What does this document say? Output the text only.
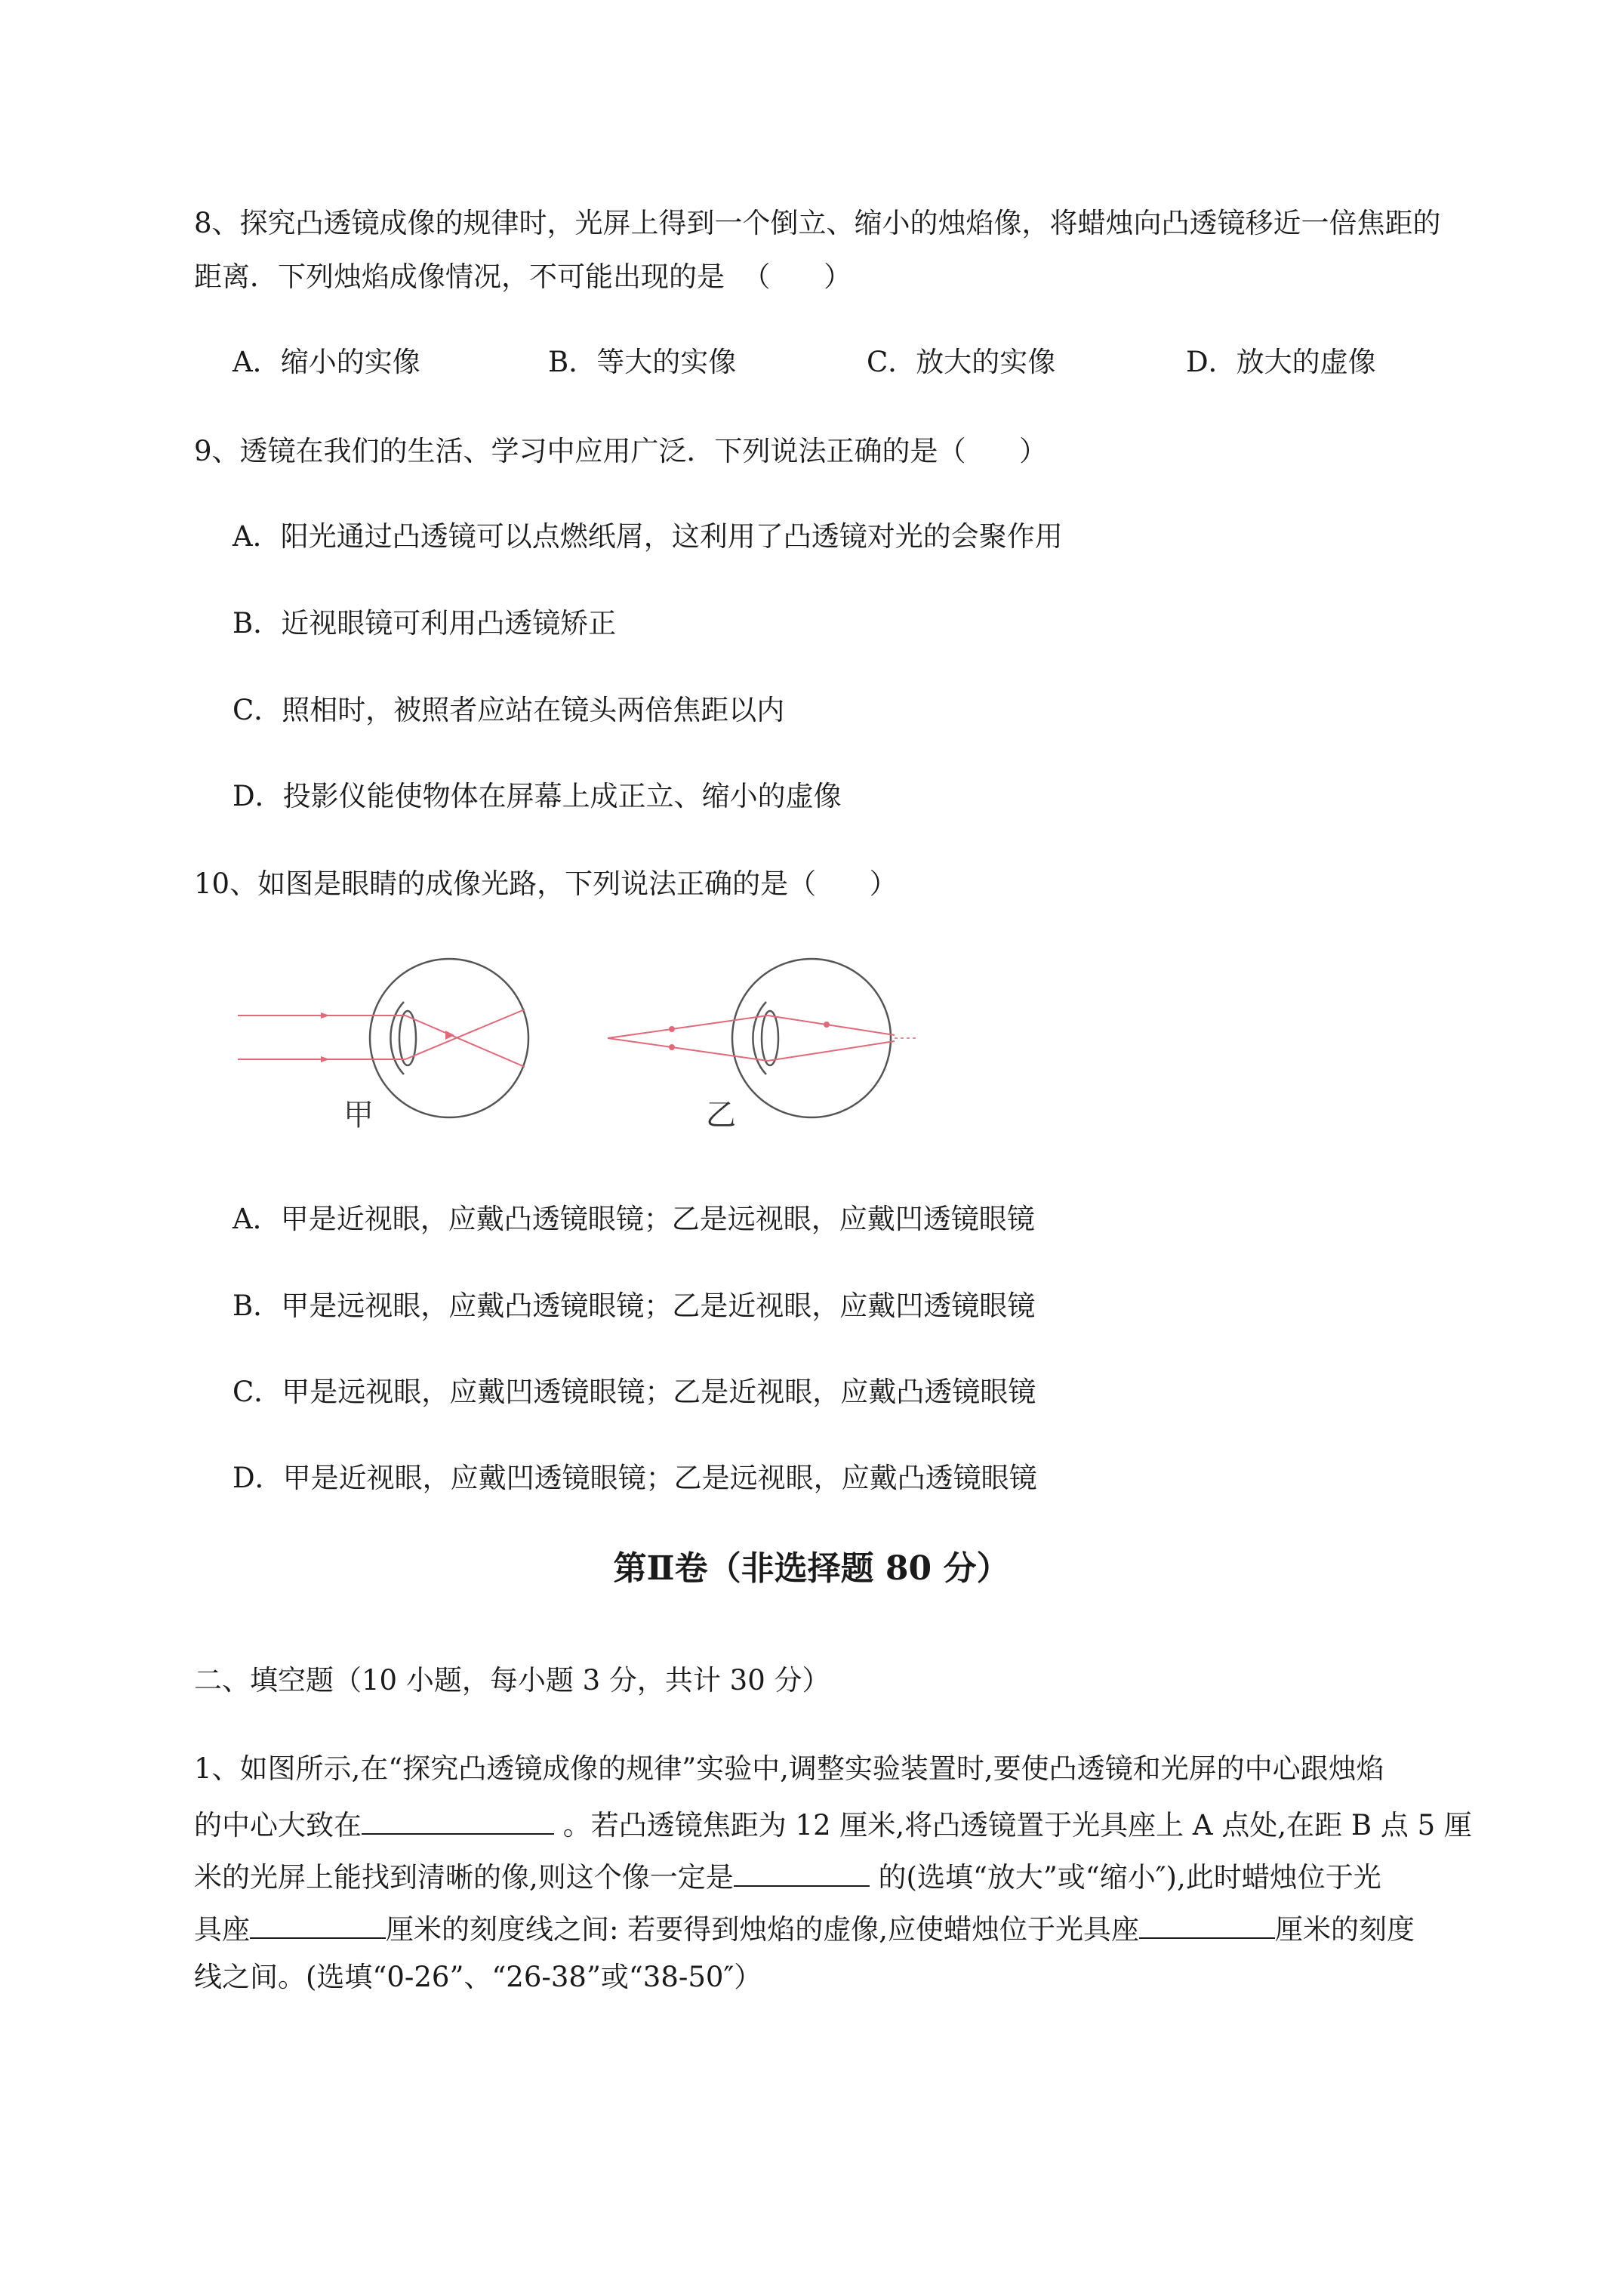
8、探究凸透镜成像的规律时，光屏上得到一个倒立、缩小的烛焰像，将蜡烛向凸透镜移近一倍焦距的
距离．下列烛焰成像情况，不可能出现的是  （      ）
A．缩小的实像	B．等大的实像	C．放大的实像	D．放大的虚像
9、透镜在我们的生活、学习中应用广泛．下列说法正确的是（      ）
A．阳光通过凸透镜可以点燃纸屑，这利用了凸透镜对光的会聚作用
B．近视眼镜可利用凸透镜矫正
C．照相时，被照者应站在镜头两倍焦距以内
D．投影仪能使物体在屏幕上成正立、缩小的虚像
10、如图是眼睛的成像光路，下列说法正确的是（      ）
甲	乙
A．甲是近视眼，应戴凸透镜眼镜；乙是远视眼，应戴凹透镜眼镜
B．甲是远视眼，应戴凸透镜眼镜；乙是近视眼，应戴凹透镜眼镜
C．甲是远视眼，应戴凹透镜眼镜；乙是近视眼，应戴凸透镜眼镜
D．甲是近视眼，应戴凹透镜眼镜；乙是远视眼，应戴凸透镜眼镜
第Ⅱ卷（非选择题 80 分）
二、填空题（10 小题，每小题 3 分，共计 30 分）
1、如图所示,在“探究凸透镜成像的规律”实验中,调整实验装置时,要使凸透镜和光屏的中心跟烛焰
的中心大致在	。若凸透镜焦距为 12 厘米,将凸透镜置于光具座上 A 点处,在距 B 点 5 厘
米的光屏上能找到清晰的像,则这个像一定是	的(选填“放大”或“缩小″),此时蜡烛位于光
具座	厘米的刻度线之间: 若要得到烛焰的虚像,应使蜡烛位于光具座	厘米的刻度
线之间。(选填“0-26”、“26-38”或“38-50″）
